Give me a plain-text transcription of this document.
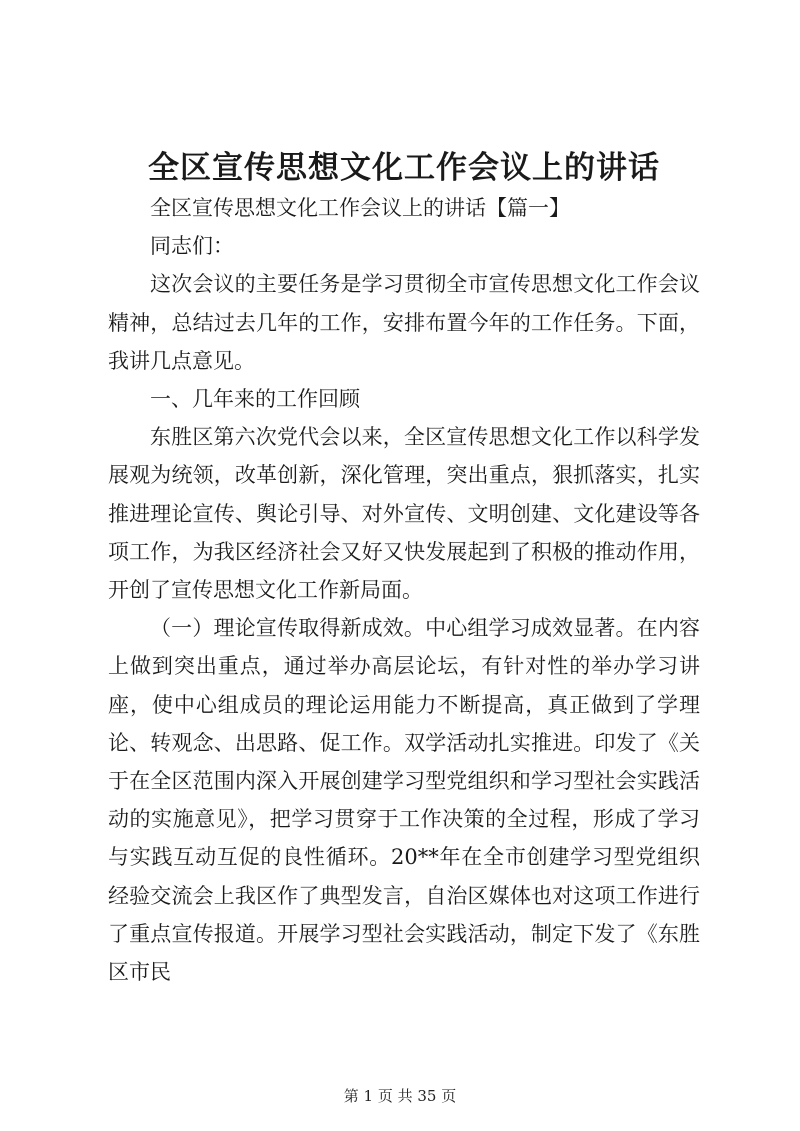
全区宣传思想文化工作会议上的讲话

全区宣传思想文化工作会议上的讲话【篇一】

同志们：

这次会议的主要任务是学习贯彻全市宣传思想文化工作会议精神，总结过去几年的工作，安排布置今年的工作任务。下面，我讲几点意见。

一、几年来的工作回顾

东胜区第六次党代会以来，全区宣传思想文化工作以科学发展观为统领，改革创新，深化管理，突出重点，狠抓落实，扎实推进理论宣传、舆论引导、对外宣传、文明创建、文化建设等各项工作，为我区经济社会又好又快发展起到了积极的推动作用，开创了宣传思想文化工作新局面。

（一）理论宣传取得新成效。中心组学习成效显著。在内容上做到突出重点，通过举办高层论坛，有针对性的举办学习讲座，使中心组成员的理论运用能力不断提高，真正做到了学理论、转观念、出思路、促工作。双学活动扎实推进。印发了《关于在全区范围内深入开展创建学习型党组织和学习型社会实践活动的实施意见》，把学习贯穿于工作决策的全过程，形成了学习与实践互动互促的良性循环。20**年在全市创建学习型党组织经验交流会上我区作了典型发言，自治区媒体也对这项工作进行了重点宣传报道。开展学习型社会实践活动，制定下发了《东胜区市民

第 1 页 共 35 页
